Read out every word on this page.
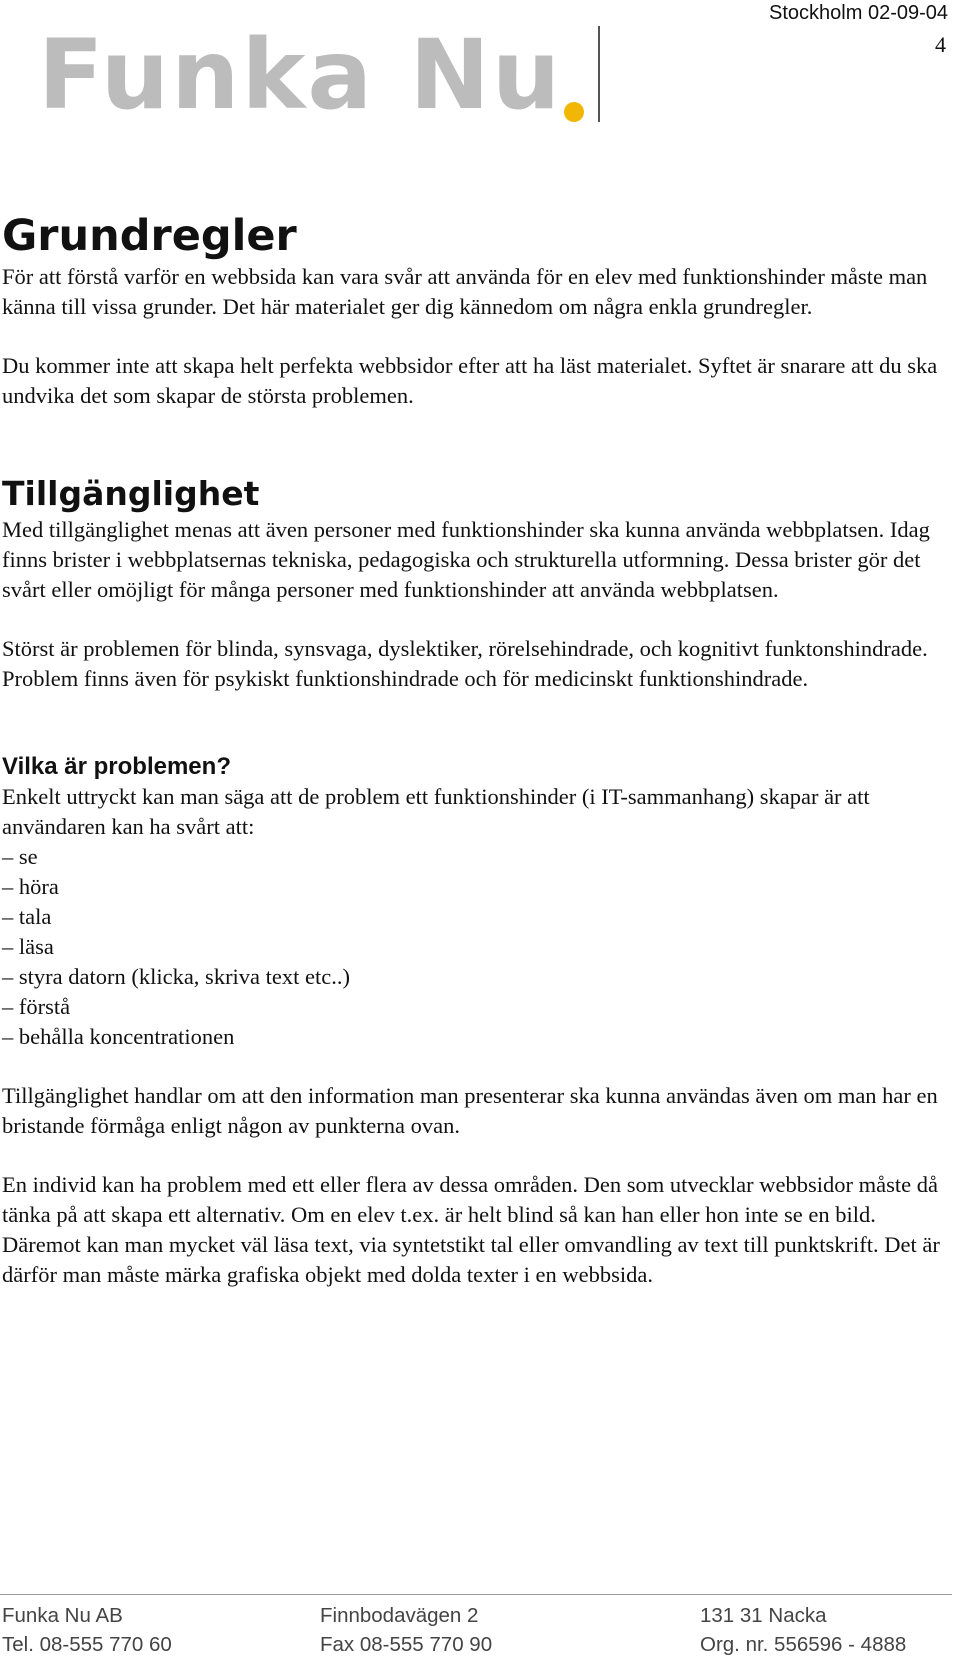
Stockholm 02-09-04
4
Funka Nu
Grundregler

För att förstå varför en webbsida kan vara svår att använda för en elev med funktionshinder måste man känna till vissa grunder. Det här materialet ger dig kännedom om några enkla grundregler.

Du kommer inte att skapa helt perfekta webbsidor efter att ha läst materialet. Syftet är snarare att du ska undvika det som skapar de största problemen.

Tillgänglighet

Med tillgänglighet menas att även personer med funktionshinder ska kunna använda webbplatsen. Idag finns brister i webbplatsernas tekniska, pedagogiska och strukturella utformning. Dessa brister gör det svårt eller omöjligt för många personer med funktionshinder att använda webbplatsen.

Störst är problemen för blinda, synsvaga, dyslektiker, rörelsehindrade, och kognitivt funktonshindrade. Problem finns även för psykiskt funktionshindrade och för medicinskt funktionshindrade.

Vilka är problemen?

Enkelt uttryckt kan man säga att de problem ett funktionshinder (i IT-sammanhang) skapar är att användaren kan ha svårt att:

– se
– höra
– tala
– läsa
– styra datorn (klicka, skriva text etc..)
– förstå
– behålla koncentrationen

Tillgänglighet handlar om att den information man presenterar ska kunna användas även om man har en bristande förmåga enligt någon av punkterna ovan.

En individ kan ha problem med ett eller flera av dessa områden. Den som utvecklar webbsidor måste då tänka på att skapa ett alternativ. Om en elev t.ex. är helt blind så kan han eller hon inte se en bild. Däremot kan man mycket väl läsa text, via syntetstikt tal eller omvandling av text till punktskrift. Det är därför man måste märka grafiska objekt med dolda texter i en webbsida.

Funka Nu AB	Finnbodavägen 2	131 31 Nacka
Tel. 08-555 770 60	Fax 08-555 770 90	Org. nr. 556596 - 4888
